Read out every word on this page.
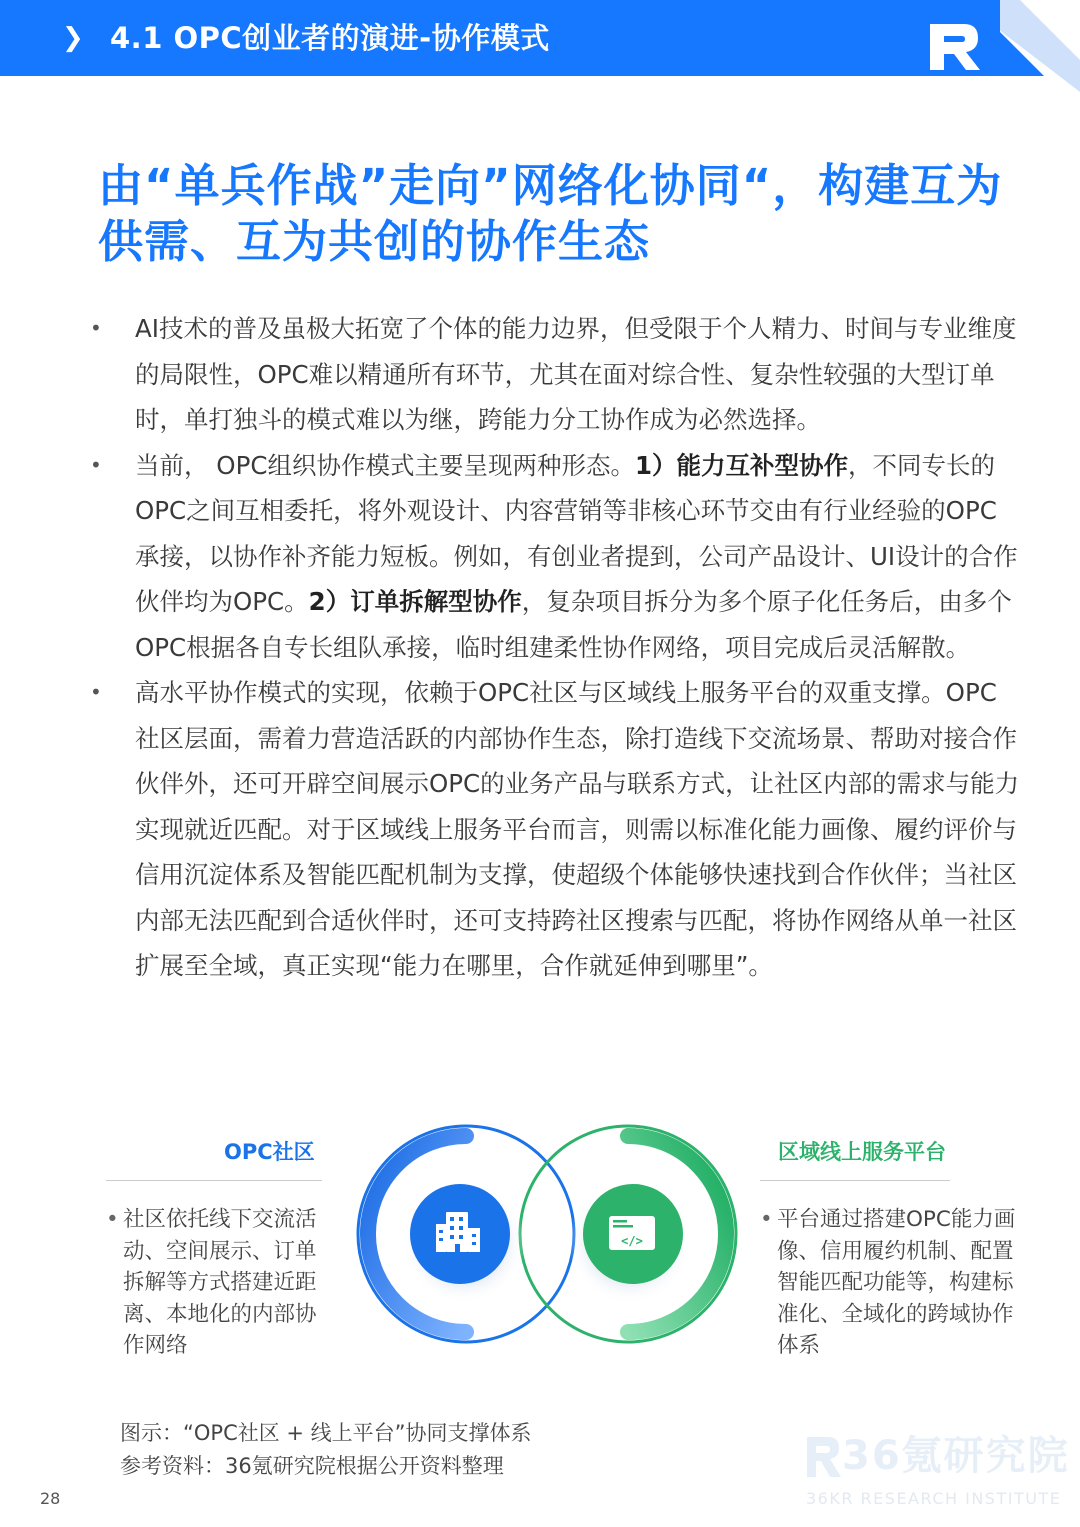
❯ 4.1 OPC创业者的演进-协作模式
由“单兵作战”走向”网络化协同“，构建互为供需、互为共创的协作生态
• AI技术的普及虽极大拓宽了个体的能力边界，但受限于个人精力、时间与专业维度的局限性，OPC难以精通所有环节，尤其在面对综合性、复杂性较强的大型订单时，单打独斗的模式难以为继，跨能力分工协作成为必然选择。
• 当前， OPC组织协作模式主要呈现两种形态。1）能力互补型协作，不同专长的OPC之间互相委托，将外观设计、内容营销等非核心环节交由有行业经验的OPC承接，以协作补齐能力短板。例如，有创业者提到，公司产品设计、UI设计的合作伙伴均为OPC。2）订单拆解型协作，复杂项目拆分为多个原子化任务后，由多个OPC根据各自专长组队承接，临时组建柔性协作网络，项目完成后灵活解散。
• 高水平协作模式的实现，依赖于OPC社区与区域线上服务平台的双重支撑。OPC社区层面，需着力营造活跃的内部协作生态，除打造线下交流场景、帮助对接合作伙伴外，还可开辟空间展示OPC的业务产品与联系方式，让社区内部的需求与能力实现就近匹配。对于区域线上服务平台而言，则需以标准化能力画像、履约评价与信用沉淀体系及智能匹配机制为支撑，使超级个体能够快速找到合作伙伴；当社区内部无法匹配到合适伙伴时，还可支持跨社区搜索与匹配，将协作网络从单一社区扩展至全域，真正实现“能力在哪里，合作就延伸到哪里”。
</>
OPC社区
• 社区依托线下交流活动、空间展示、订单拆解等方式搭建近距离、本地化的内部协作网络
区域线上服务平台
• 平台通过搭建OPC能力画像、信用履约机制、配置智能匹配功能等，构建标准化、全域化的跨域协作体系
图示：“OPC社区 + 线上平台”协同支撑体系
参考资料：36氪研究院根据公开资料整理
28
36氪研究院
36KR RESEARCH INSTITUTE
